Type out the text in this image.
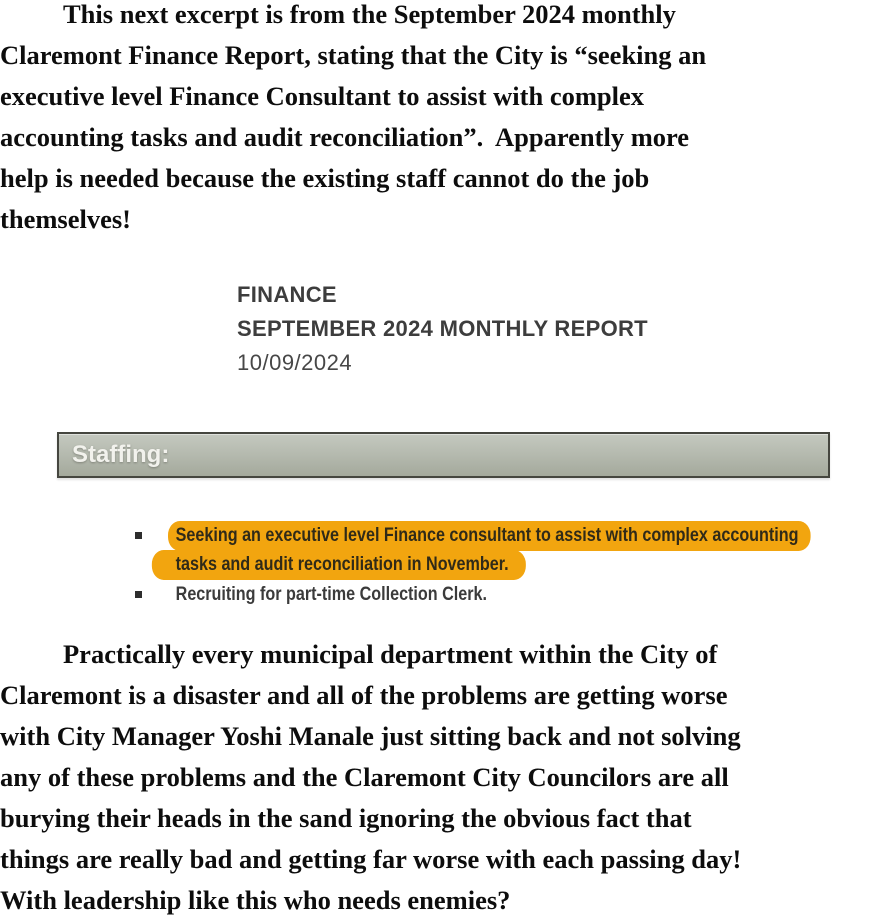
This next excerpt is from the September 2024 monthly
Claremont Finance Report, stating that the City is “seeking an
executive level Finance Consultant to assist with complex
accounting tasks and audit reconciliation”.  Apparently more
help is needed because the existing staff cannot do the job
themselves!
FINANCE
SEPTEMBER 2024 MONTHLY REPORT
10/09/2024
Staffing:
Seeking an executive level Finance consultant to assist with complex accounting
tasks and audit reconciliation in November.
Recruiting for part-time Collection Clerk.
Practically every municipal department within the City of
Claremont is a disaster and all of the problems are getting worse
with City Manager Yoshi Manale just sitting back and not solving
any of these problems and the Claremont City Councilors are all
burying their heads in the sand ignoring the obvious fact that
things are really bad and getting far worse with each passing day!
With leadership like this who needs enemies?
